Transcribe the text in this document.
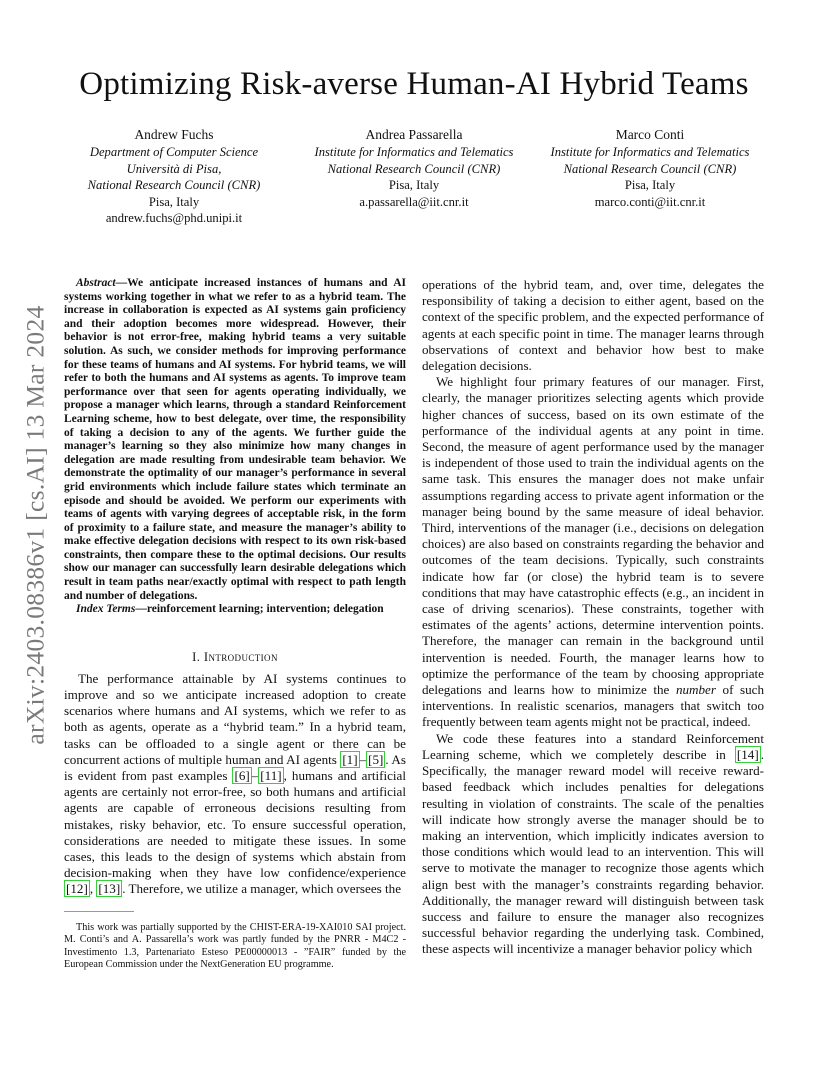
arXiv:2403.08386v1 [cs.AI] 13 Mar 2024
Optimizing Risk-averse Human-AI Hybrid Teams
Andrew Fuchs
Department of Computer Science
Università di Pisa,
National Research Council (CNR)
Pisa, Italy
andrew.fuchs@phd.unipi.it
Andrea Passarella
Institute for Informatics and Telematics
National Research Council (CNR)
Pisa, Italy
a.passarella@iit.cnr.it
Marco Conti
Institute for Informatics and Telematics
National Research Council (CNR)
Pisa, Italy
marco.conti@iit.cnr.it

Abstract—We anticipate increased instances of humans and AI systems working together in what we refer to as a hybrid team. The increase in collaboration is expected as AI systems gain proficiency and their adoption becomes more widespread. However, their behavior is not error-free, making hybrid teams a very suitable solution. As such, we consider methods for improving performance for these teams of humans and AI systems. For hybrid teams, we will refer to both the humans and AI systems as agents. To improve team performance over that seen for agents operating individually, we propose a manager which learns, through a standard Reinforcement Learning scheme, how to best delegate, over time, the responsibility of taking a decision to any of the agents. We further guide the manager’s learning so they also minimize how many changes in delegation are made resulting from undesirable team behavior. We demonstrate the optimality of our manager’s performance in several grid environments which include failure states which terminate an episode and should be avoided. We perform our experiments with teams of agents with varying degrees of acceptable risk, in the form of proximity to a failure state, and measure the manager’s ability to make effective delegation decisions with respect to its own risk-based constraints, then compare these to the optimal decisions. Our results show our manager can successfully learn desirable delegations which result in team paths near/exactly optimal with respect to path length and number of delegations.

Index Terms—reinforcement learning; intervention; delegation

I. Introduction

The performance attainable by AI systems continues to improve and so we anticipate increased adoption to create scenarios where humans and AI systems, which we refer to as both as agents, operate as a “hybrid team.” In a hybrid team, tasks can be offloaded to a single agent or there can be concurrent actions of multiple human and AI agents [1] – [5] . As is evident from past examples [6] – [11] , humans and artificial agents are certainly not error-free, so both humans and artificial agents are capable of erroneous decisions resulting from mistakes, risky behavior, etc. To ensure successful operation, considerations are needed to mitigate these issues. In some cases, this leads to the design of systems which abstain from decision-making when they have low confidence/experience [12] , [13] . Therefore, we utilize a manager, which oversees the

This work was partially supported by the CHIST-ERA-19-XAI010 SAI project. M. Conti’s and A. Passarella’s work was partly funded by the PNRR - M4C2 - Investimento 1.3, Partenariato Esteso PE00000013 - ”FAIR” funded by the European Commission under the NextGeneration EU programme.

operations of the hybrid team, and, over time, delegates the responsibility of taking a decision to either agent, based on the context of the specific problem, and the expected performance of agents at each specific point in time. The manager learns through observations of context and behavior how best to make delegation decisions.

We highlight four primary features of our manager. First, clearly, the manager prioritizes selecting agents which provide higher chances of success, based on its own estimate of the performance of the individual agents at any point in time. Second, the measure of agent performance used by the manager is independent of those used to train the individual agents on the same task. This ensures the manager does not make unfair assumptions regarding access to private agent information or the manager being bound by the same measure of ideal behavior. Third, interventions of the manager (i.e., decisions on delegation choices) are also based on constraints regarding the behavior and outcomes of the team decisions. Typically, such constraints indicate how far (or close) the hybrid team is to severe conditions that may have catastrophic effects (e.g., an incident in case of driving scenarios). These constraints, together with estimates of the agents’ actions, determine intervention points. Therefore, the manager can remain in the background until intervention is needed. Fourth, the manager learns how to optimize the performance of the team by choosing appropriate delegations and learns how to minimize the number of such interventions. In realistic scenarios, managers that switch too frequently between team agents might not be practical, indeed.

We code these features into a standard Reinforcement Learning scheme, which we completely describe in [14] . Specifically, the manager reward model will receive reward-based feedback which includes penalties for delegations resulting in violation of constraints. The scale of the penalties will indicate how strongly averse the manager should be to making an intervention, which implicitly indicates aversion to those conditions which would lead to an intervention. This will serve to motivate the manager to recognize those agents which align best with the manager’s constraints regarding behavior. Additionally, the manager reward will distinguish between task success and failure to ensure the manager also recognizes successful behavior regarding the underlying task. Combined, these aspects will incentivize a manager behavior policy which
